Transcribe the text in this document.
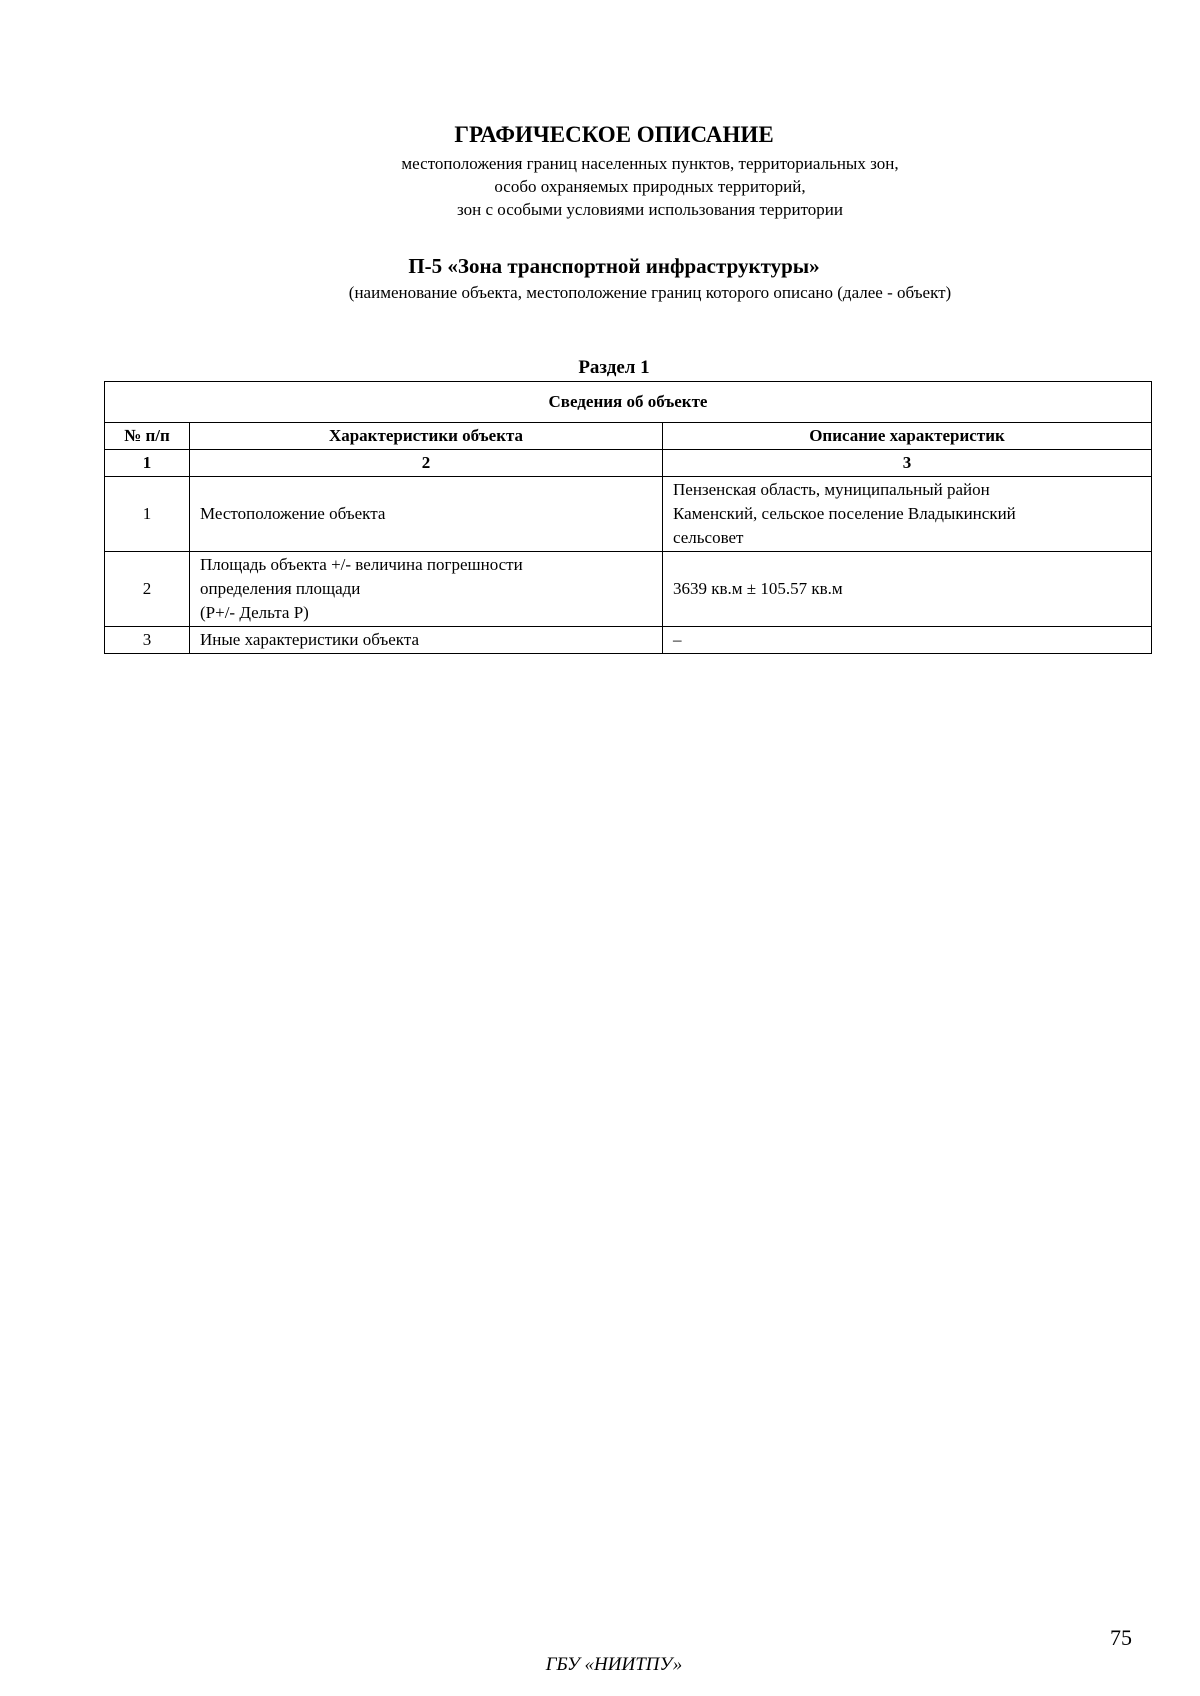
ГРАФИЧЕСКОЕ ОПИСАНИЕ
местоположения границ населенных пунктов, территориальных зон,
особо охраняемых природных территорий,
зон с особыми условиями использования территории
П-5 «Зона транспортной инфраструктуры»
(наименование объекта, местоположение границ которого описано (далее - объект)
Раздел 1
Сведения об объекте		
№ п/п	Характеристики объекта	Описание характеристик
1	2	3
1	Местоположение объекта	Пензенская область, муниципальный район
Каменский, сельское поселение Владыкинский
сельсовет

2	Площадь объекта +/- величина погрешности
определения площади
(P+/- Дельта P)	3639 кв.м ± 105.57 кв.м

3	Иные характеристики объекта	–
75
ГБУ «НИИТПУ»
